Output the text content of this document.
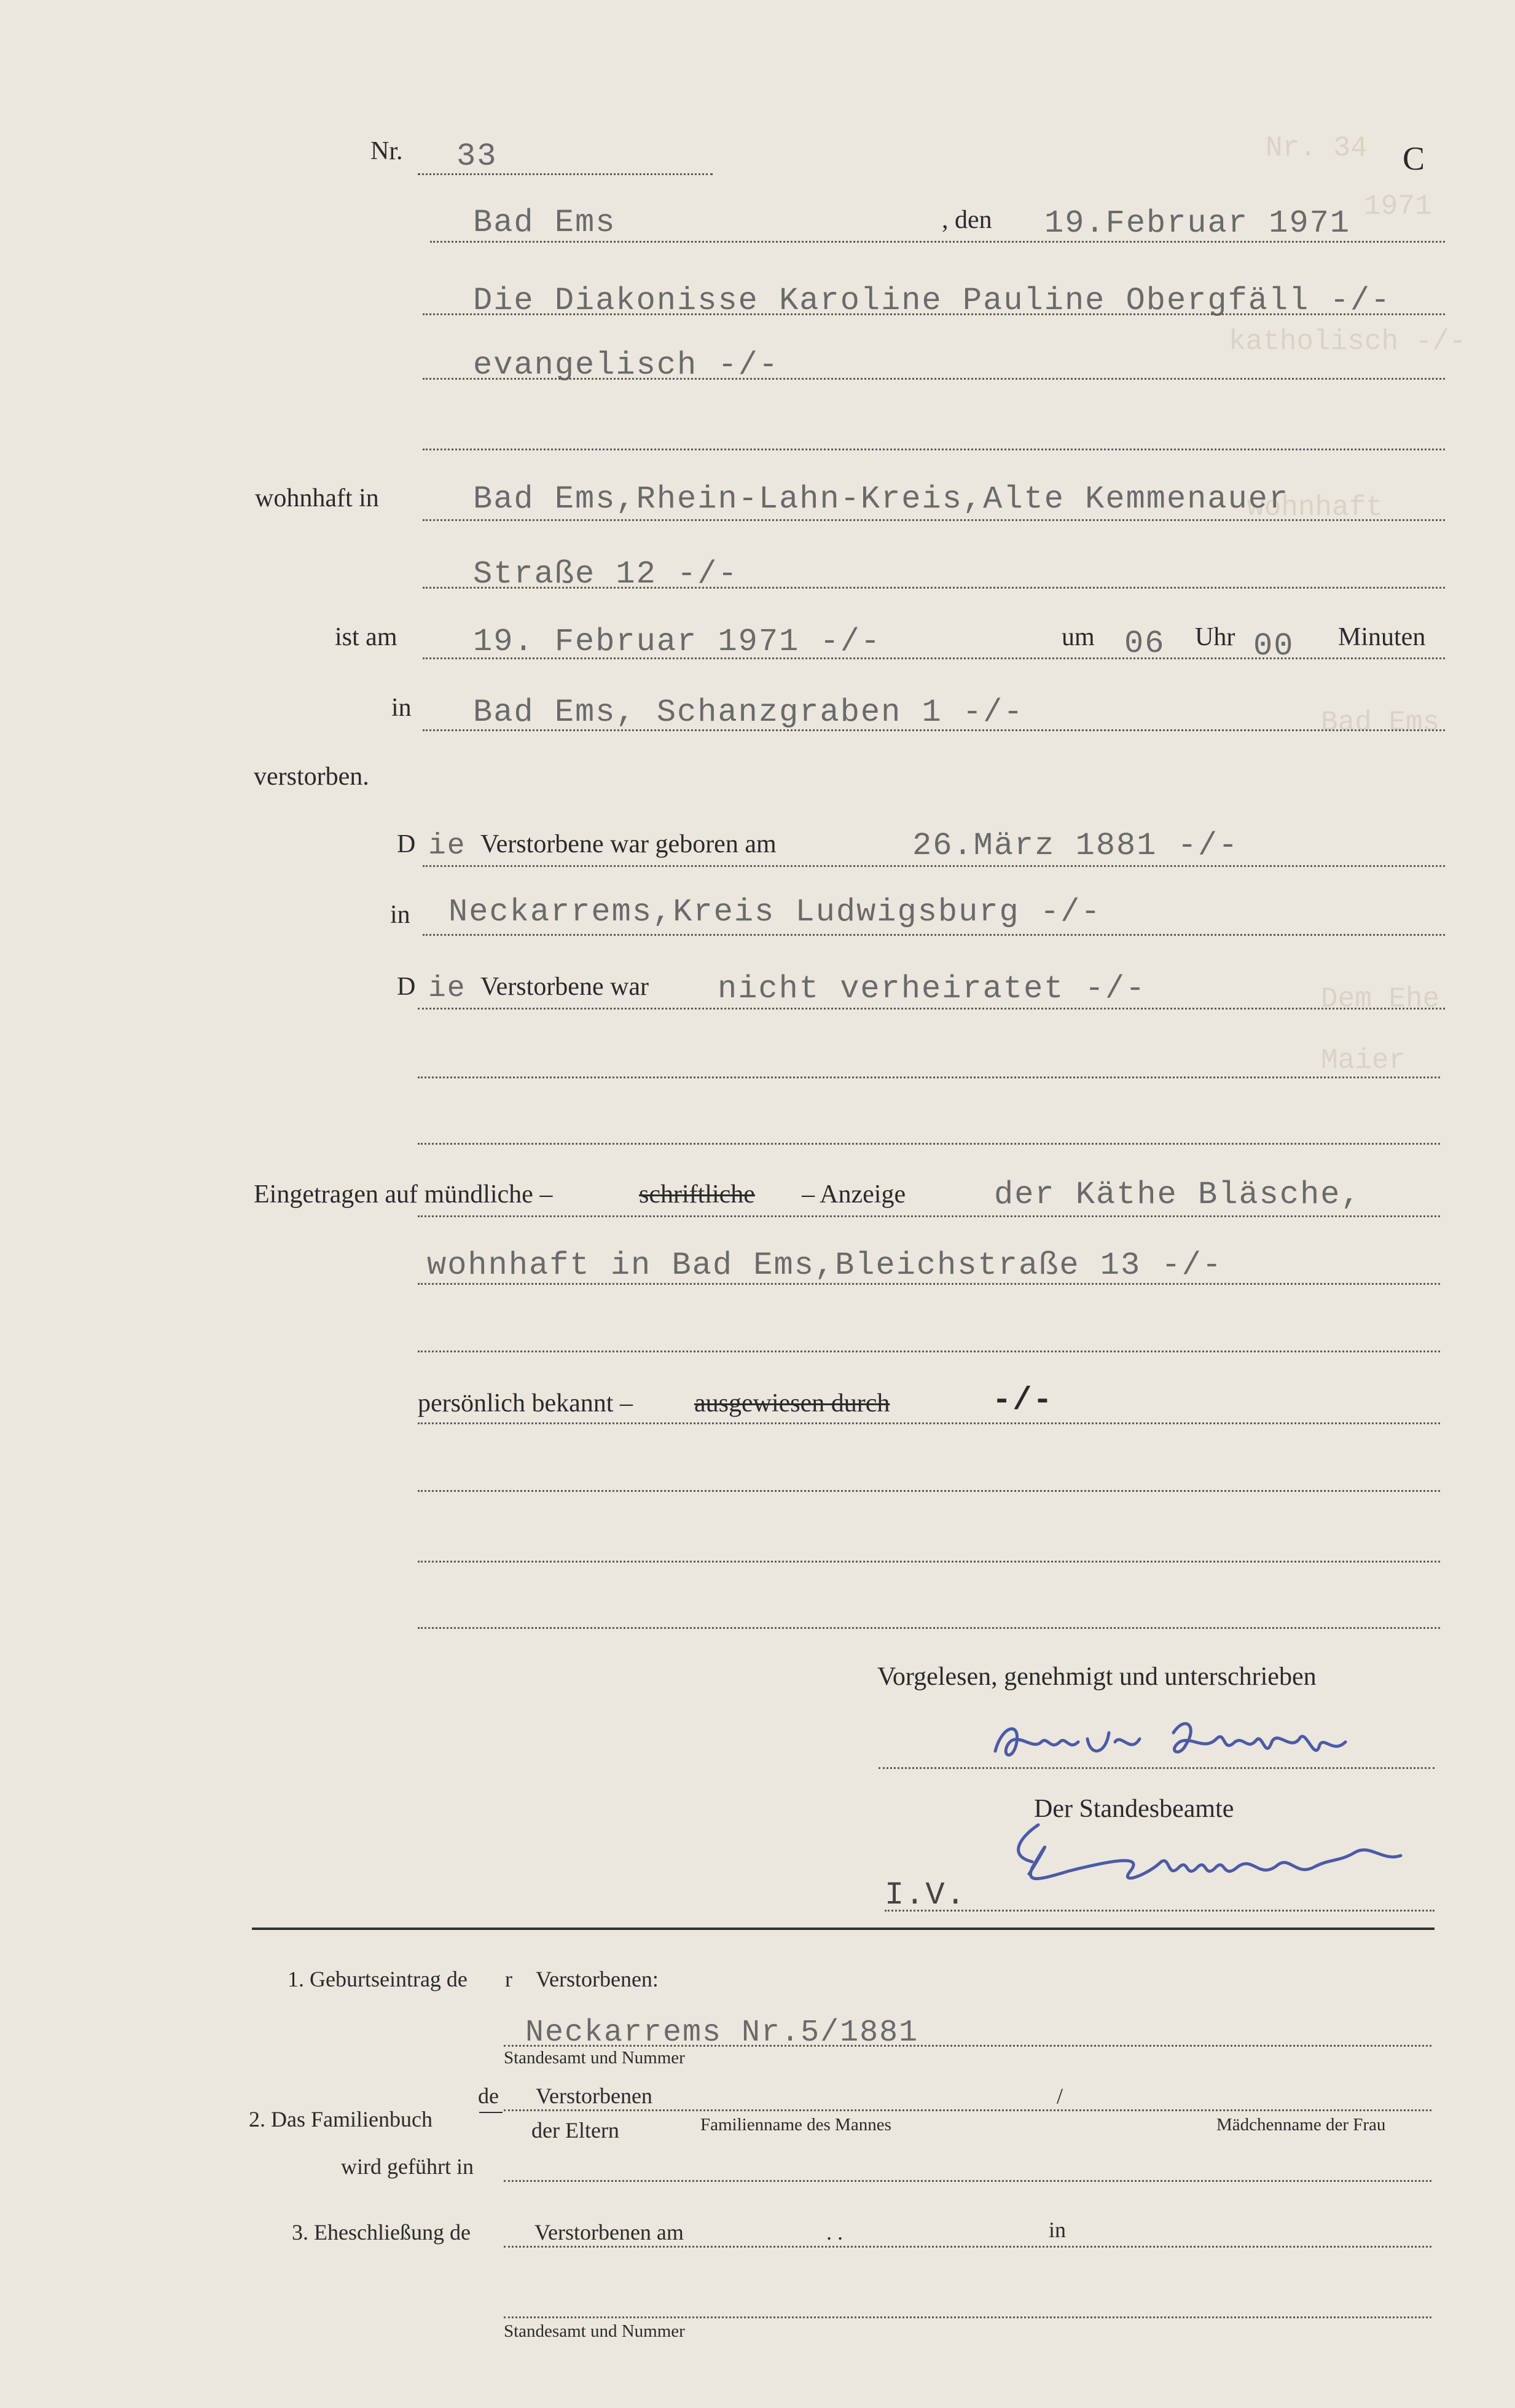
Nr. 34
1971
katholisch -/-
wohnhaft
Bad Ems
Dem Ehe
Maier
Nr. 33	C
Bad Ems	, den 19.Februar 1971
Die Diakonisse Karoline Pauline Obergfäll -/-
evangelisch -/-
wohnhaft in	Bad Ems,Rhein-Lahn-Kreis,Alte Kemmenauer
Straße 12 -/-
ist am 19. Februar 1971 -/-	um 06 Uhr 00 Minuten
in Bad Ems, Schanzgraben 1 -/-
verstorben.
D ie Verstorbene war geboren am	26.März 1881 -/-
in Neckarrems,Kreis Ludwigsburg -/-
D ie Verstorbene war nicht verheiratet -/-
Eingetragen auf mündliche –	schriftliche – Anzeige	der Käthe Bläsche,
wohnhaft in Bad Ems,Bleichstraße 13 -/-
persönlich bekannt – ausgewiesen durch	-/-
Vorgelesen, genehmigt und unterschrieben
Der Standesbeamte
I.V.
1. Geburtseintrag de r Verstorbenen:
Neckarrems Nr.5/1881
Standesamt und Nummer
de Verstorbenen	/
2. Das Familienbuch	der Eltern	Familienname des Mannes	Mädchenname der Frau
wird geführt in
3. Eheschließung de	Verstorbenen am	. .	in
Standesamt und Nummer
